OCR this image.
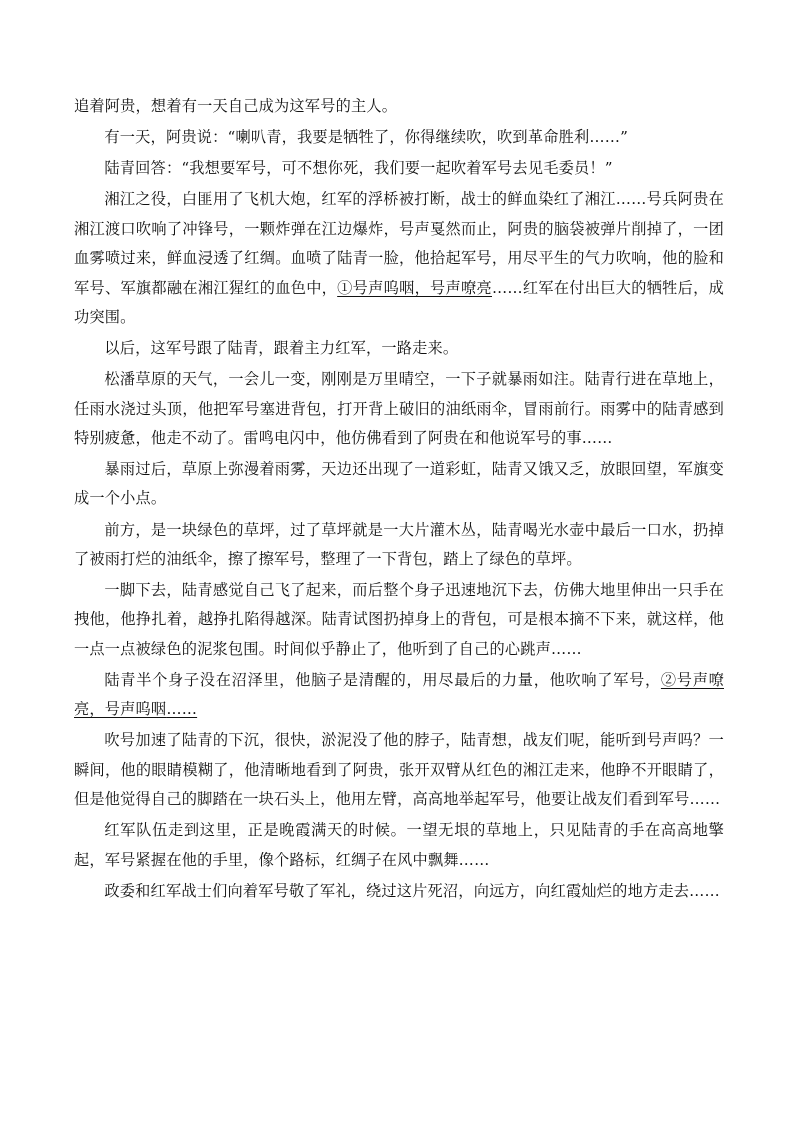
追着阿贵，想着有一天自己成为这军号的主人。

有一天，阿贵说：“喇叭青，我要是牺牲了，你得继续吹，吹到革命胜利……”

陆青回答：“我想要军号，可不想你死，我们要一起吹着军号去见毛委员！”

湘江之役，白匪用了飞机大炮，红军的浮桥被打断，战士的鲜血染红了湘江……号兵阿贵在湘江渡口吹响了冲锋号，一颗炸弹在江边爆炸，号声戛然而止，阿贵的脑袋被弹片削掉了，一团血雾喷过来，鲜血浸透了红绸。血喷了陆青一脸，他拾起军号，用尽平生的气力吹响，他的脸和军号、军旗都融在湘江猩红的血色中，①号声呜咽，号声嘹亮……红军在付出巨大的牺牲后，成功突围。

以后，这军号跟了陆青，跟着主力红军，一路走来。

松潘草原的天气，一会儿一变，刚刚是万里晴空，一下子就暴雨如注。陆青行进在草地上，任雨水浇过头顶，他把军号塞进背包，打开背上破旧的油纸雨伞，冒雨前行。雨雾中的陆青感到特别疲惫，他走不动了。雷鸣电闪中，他仿佛看到了阿贵在和他说军号的事……

暴雨过后，草原上弥漫着雨雾，天边还出现了一道彩虹，陆青又饿又乏，放眼回望，军旗变成一个小点。

前方，是一块绿色的草坪，过了草坪就是一大片灌木丛，陆青喝光水壶中最后一口水，扔掉了被雨打烂的油纸伞，擦了擦军号，整理了一下背包，踏上了绿色的草坪。

一脚下去，陆青感觉自己飞了起来，而后整个身子迅速地沉下去，仿佛大地里伸出一只手在拽他，他挣扎着，越挣扎陷得越深。陆青试图扔掉身上的背包，可是根本摘不下来，就这样，他一点一点被绿色的泥浆包围。时间似乎静止了，他听到了自己的心跳声……

陆青半个身子没在沼泽里，他脑子是清醒的，用尽最后的力量，他吹响了军号，②号声嘹亮，号声呜咽……

吹号加速了陆青的下沉，很快，淤泥没了他的脖子，陆青想，战友们呢，能听到号声吗？一瞬间，他的眼睛模糊了，他清晰地看到了阿贵，张开双臂从红色的湘江走来，他睁不开眼睛了，但是他觉得自己的脚踏在一块石头上，他用左臂，高高地举起军号，他要让战友们看到军号……

红军队伍走到这里，正是晚霞满天的时候。一望无垠的草地上，只见陆青的手在高高地擎起，军号紧握在他的手里，像个路标，红绸子在风中飘舞……

政委和红军战士们向着军号敬了军礼，绕过这片死沼，向远方，向红霞灿烂的地方走去……
